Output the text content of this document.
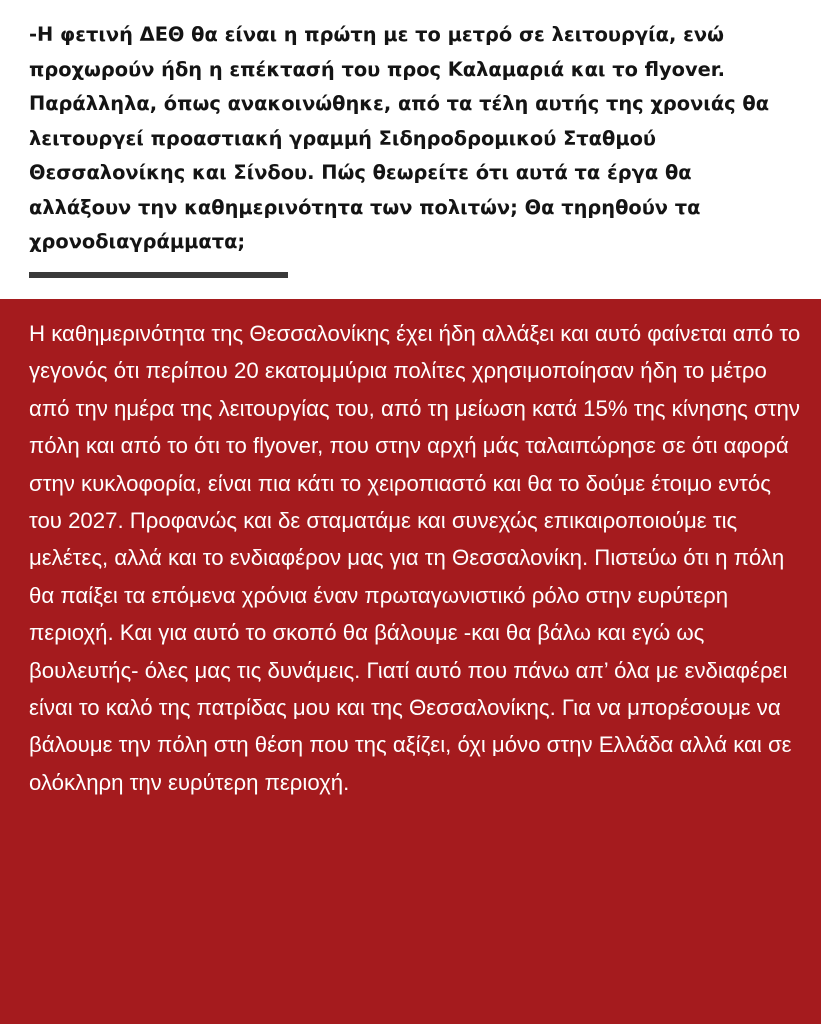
-Η φετινή ΔΕΘ θα είναι η πρώτη με το μετρό σε λειτουργία, ενώ προχωρούν ήδη η επέκτασή του προς Καλαμαριά και το flyover. Παράλληλα, όπως ανακοινώθηκε, από τα τέλη αυτής της χρονιάς θα λειτουργεί προαστιακή γραμμή Σιδηροδρομικού Σταθμού Θεσσαλονίκης και Σίνδου. Πώς θεωρείτε ότι αυτά τα έργα θα αλλάξουν την καθημερινότητα των πολιτών; Θα τηρηθούν τα χρονοδιαγράμματα;

Η καθημερινότητα της Θεσσαλονίκης έχει ήδη αλλάξει και αυτό φαίνεται από το γεγονός ότι περίπου 20 εκατομμύρια πολίτες χρησιμοποίησαν ήδη το μέτρο από την ημέρα της λειτουργίας του, από τη μείωση κατά 15% της κίνησης στην πόλη και από το ότι το flyover, που στην αρχή μάς ταλαιπώρησε σε ότι αφορά στην κυκλοφορία, είναι πια κάτι το χειροπιαστό και θα το δούμε έτοιμο εντός του 2027. Προφανώς και δε σταματάμε και συνεχώς επικαιροποιούμε τις μελέτες, αλλά και το ενδιαφέρον μας για τη Θεσσαλονίκη. Πιστεύω ότι η πόλη θα παίξει τα επόμενα χρόνια έναν πρωταγωνιστικό ρόλο στην ευρύτερη περιοχή. Και για αυτό το σκοπό θα βάλουμε -και θα βάλω και εγώ ως βουλευτής- όλες μας τις δυνάμεις. Γιατί αυτό που πάνω απ’ όλα με ενδιαφέρει είναι το καλό της πατρίδας μου και της Θεσσαλονίκης. Για να μπορέσουμε να βάλουμε την πόλη στη θέση που της αξίζει, όχι μόνο στην Ελλάδα αλλά και σε ολόκληρη την ευρύτερη περιοχή.
